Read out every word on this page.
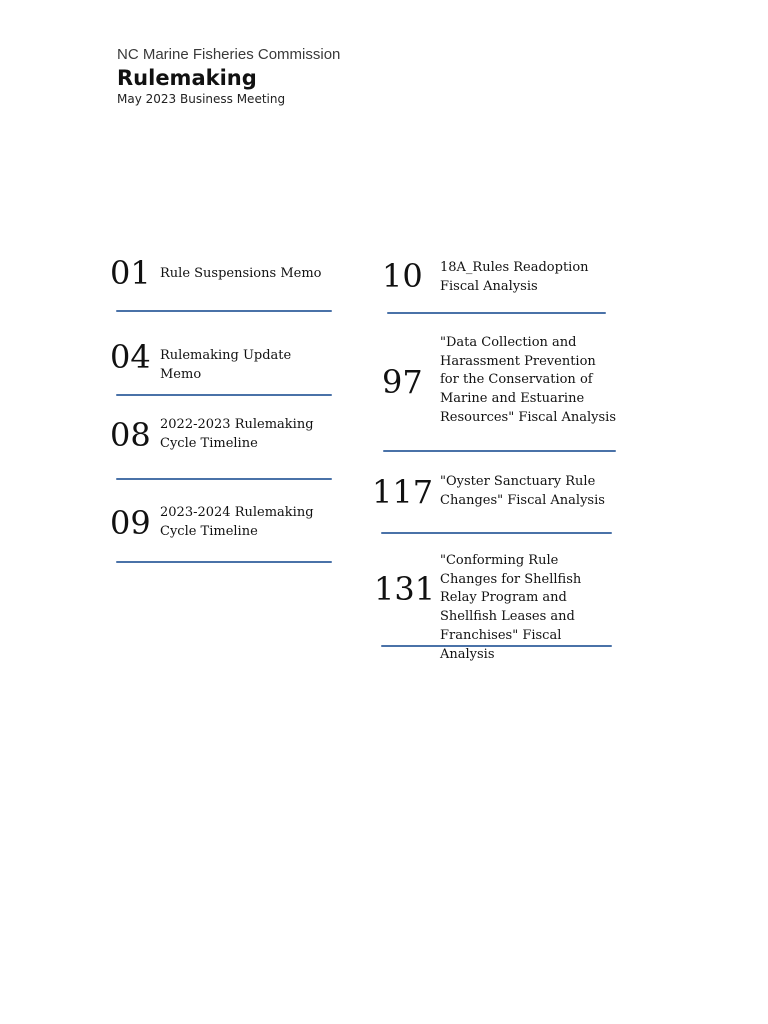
NC Marine Fisheries Commission
Rulemaking
May 2023 Business Meeting
01 Rule Suspensions Memo
04 Rulemaking Update Memo
08 2022-2023 Rulemaking Cycle Timeline
09 2023-2024 Rulemaking Cycle Timeline
10 18A_Rules Readoption Fiscal Analysis
97
"Data Collection and Harassment Prevention for the Conservation of Marine and Estuarine Resources" Fiscal Analysis
117 "Oyster Sanctuary Rule Changes" Fiscal Analysis
131
"Conforming Rule Changes for Shellfish Relay Program and Shellfish Leases and Franchises" Fiscal Analysis
